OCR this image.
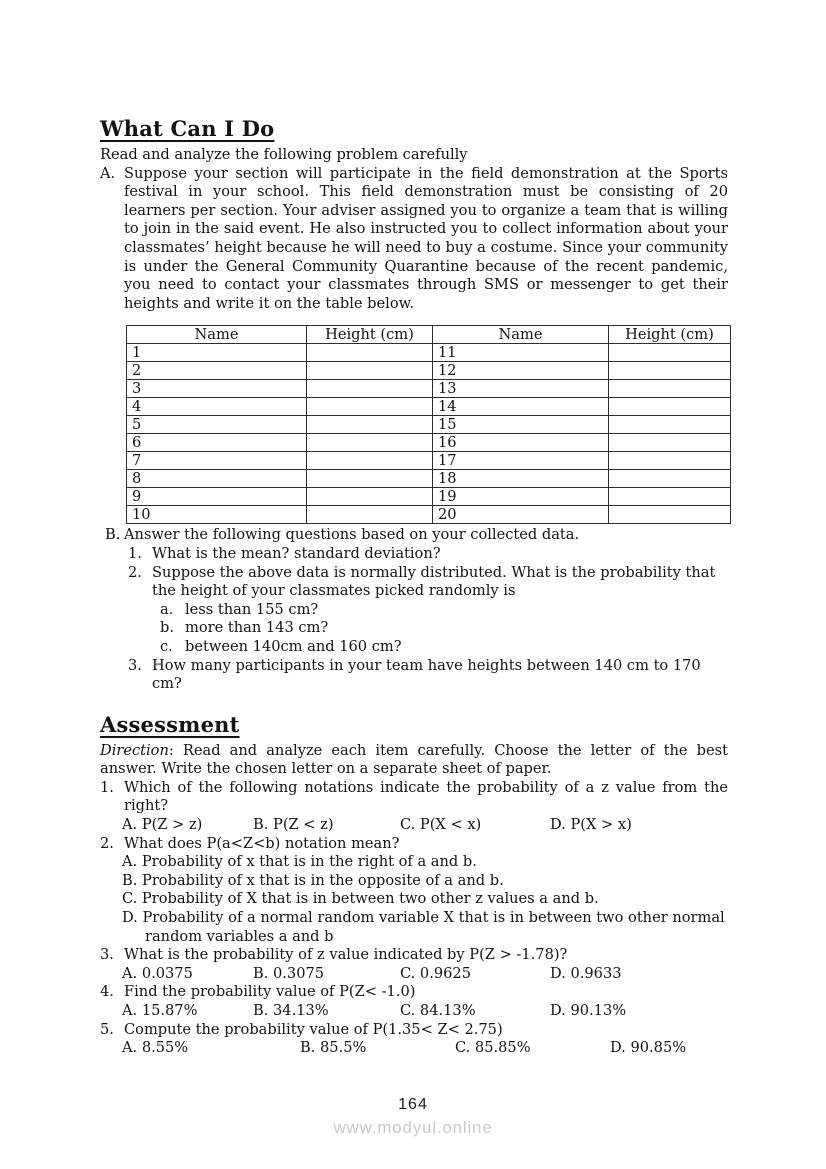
What Can I Do

Read and analyze the following problem carefully

A. Suppose your section will participate in the field demonstration at the Sports festival in your school. This field demonstration must be consisting of 20 learners per section. Your adviser assigned you to organize a team that is willing to join in the said event. He also instructed you to collect information about your classmates’ height because he will need to buy a costume. Since your community is under the General Community Quarantine because of the recent pandemic, you need to contact your classmates through SMS or messenger to get their heights and write it on the table below.
Name	Height (cm)	Name	Height (cm)
1		11	
2		12	
3		13	
4		14	
5		15	
6		16	
7		17	
8		18	
9		19	
10		20	
B. Answer the following questions based on your collected data.
1. What is the mean? standard deviation?
2. Suppose the above data is normally distributed. What is the probability that the height of your classmates picked randomly is
a. less than 155 cm?
b. more than 143 cm?
c. between 140cm and 160 cm?
3. How many participants in your team have heights between 140 cm to 170 cm?
Assessment

Direction: Read and analyze each item carefully. Choose the letter of the best answer. Write the chosen letter on a separate sheet of paper.

1. Which of the following notations indicate the probability of a z value from the right?
A. P(Z > z)	B. P(Z < z)	C. P(X < x)	D. P(X > x)
2. What does P(a<Z<b) notation mean?
A. Probability of x that is in the right of a and b.
B. Probability of x that is in the opposite of a and b.
C. Probability of X that is in between two other z values a and b.
D. Probability of a normal random variable X that is in between two other normal random variables a and b
3. What is the probability of z value indicated by P(Z > -1.78)?
A. 0.0375	B. 0.3075	C. 0.9625	D. 0.9633
4. Find the probability value of P(Z< -1.0)
A. 15.87%	B. 34.13%	C. 84.13%	D. 90.13%
5. Compute the probability value of P(1.35< Z< 2.75)
A. 8.55%	B. 85.5%	C. 85.85%	D. 90.85%
164
www.modyul.online
